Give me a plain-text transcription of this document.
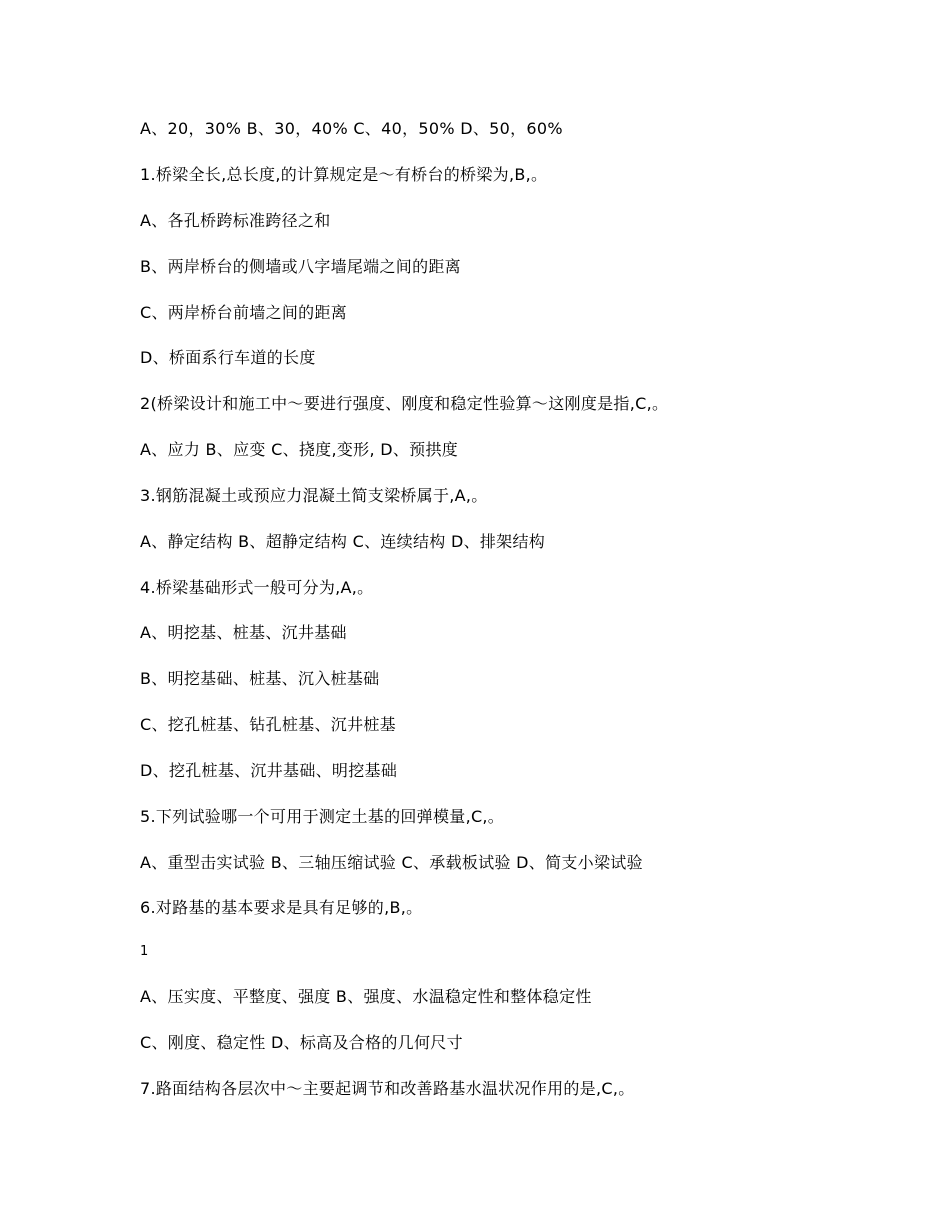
A、20，30% B、30，40% C、40，50% D、50，60%

1.桥梁全长,总长度,的计算规定是～有桥台的桥梁为,B,。

A、各孔桥跨标准跨径之和

B、两岸桥台的侧墙或八字墙尾端之间的距离

C、两岸桥台前墙之间的距离

D、桥面系行车道的长度

2(桥梁设计和施工中～要进行强度、刚度和稳定性验算～这刚度是指,C,。

A、应力 B、应变 C、挠度,变形, D、预拱度

3.钢筋混凝土或预应力混凝土简支梁桥属于,A,。

A、静定结构 B、超静定结构 C、连续结构 D、排架结构

4.桥梁基础形式一般可分为,A,。

A、明挖基、桩基、沉井基础

B、明挖基础、桩基、沉入桩基础

C、挖孔桩基、钻孔桩基、沉井桩基

D、挖孔桩基、沉井基础、明挖基础

5.下列试验哪一个可用于测定土基的回弹模量,C,。

A、重型击实试验 B、三轴压缩试验 C、承载板试验 D、简支小梁试验

6.对路基的基本要求是具有足够的,B,。

1

A、压实度、平整度、强度 B、强度、水温稳定性和整体稳定性

C、刚度、稳定性 D、标高及合格的几何尺寸

7.路面结构各层次中～主要起调节和改善路基水温状况作用的是,C,。
